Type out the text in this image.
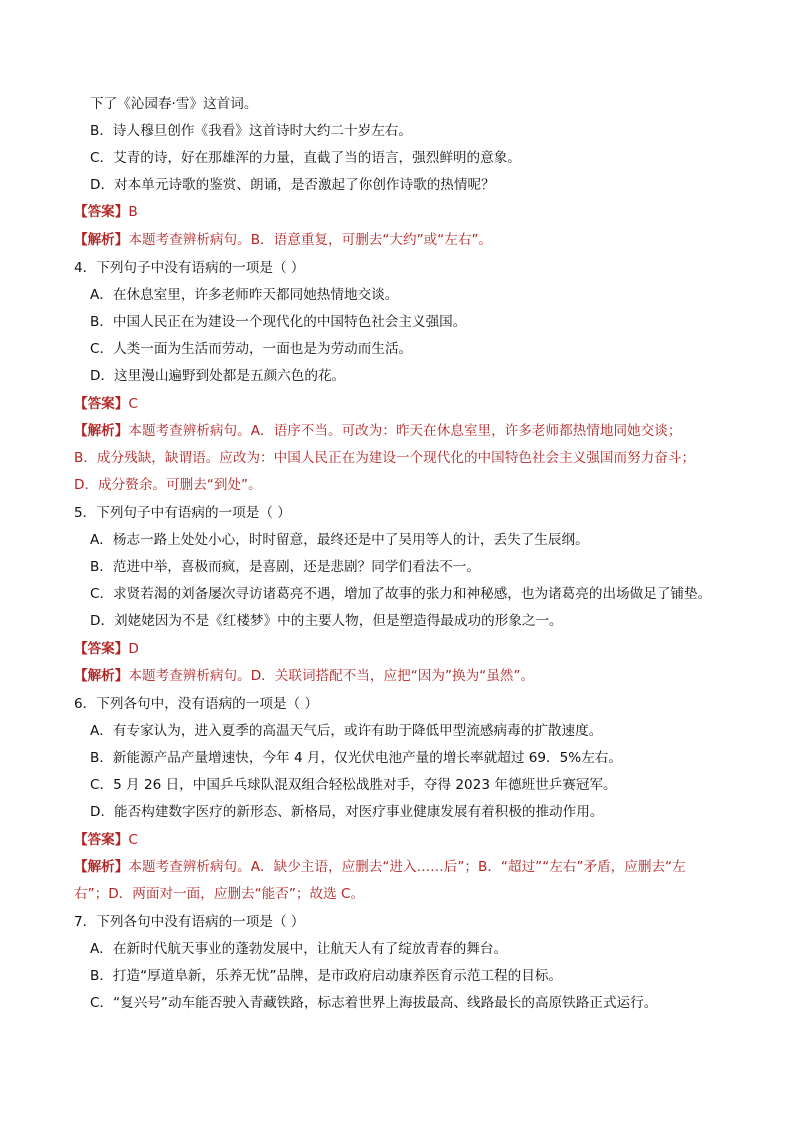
下了《沁园春·雪》这首词。
B．诗人穆旦创作《我看》这首诗时大约二十岁左右。
C．艾青的诗，好在那雄浑的力量，直截了当的语言，强烈鲜明的意象。
D．对本单元诗歌的鉴赏、朗诵，是否激起了你创作诗歌的热情呢？
【答案】B
【解析】本题考查辨析病句。B．语意重复，可删去“大约”或“左右”。
4．下列句子中没有语病的一项是（ ）
A．在休息室里，许多老师昨天都同她热情地交谈。
B．中国人民正在为建设一个现代化的中国特色社会主义强国。
C．人类一面为生活而劳动，一面也是为劳动而生活。
D．这里漫山遍野到处都是五颜六色的花。
【答案】C
【解析】本题考查辨析病句。A．语序不当。可改为：昨天在休息室里，许多老师都热情地同她交谈；
B．成分残缺，缺谓语。应改为：中国人民正在为建设一个现代化的中国特色社会主义强国而努力奋斗；
D．成分赘余。可删去“到处”。
5．下列句子中有语病的一项是（ ）
A．杨志一路上处处小心，时时留意，最终还是中了吴用等人的计，丢失了生辰纲。
B．范进中举，喜极而疯，是喜剧，还是悲剧？同学们看法不一。
C．求贤若渴的刘备屡次寻访诸葛亮不遇，增加了故事的张力和神秘感，也为诸葛亮的出场做足了铺垫。
D．刘姥姥因为不是《红楼梦》中的主要人物，但是塑造得最成功的形象之一。
【答案】D
【解析】本题考查辨析病句。D．关联词搭配不当，应把“因为”换为“虽然”。
6．下列各句中，没有语病的一项是（ ）
A．有专家认为，进入夏季的高温天气后，或许有助于降低甲型流感病毒的扩散速度。
B．新能源产品产量增速快，今年 4 月，仅光伏电池产量的增长率就超过 69．5%左右。
C．5 月 26 日，中国乒乓球队混双组合轻松战胜对手，夺得 2023 年德班世乒赛冠军。
D．能否构建数字医疗的新形态、新格局，对医疗事业健康发展有着积极的推动作用。
【答案】C
【解析】本题考查辨析病句。A．缺少主语，应删去“进入……后”；B．“超过”“左右”矛盾，应删去“左
右”；D．两面对一面，应删去“能否”；故选 C。
7．下列各句中没有语病的一项是（ ）
A．在新时代航天事业的蓬勃发展中，让航天人有了绽放青春的舞台。
B．打造“厚道阜新，乐养无忧”品牌，是市政府启动康养医育示范工程的目标。
C．“复兴号”动车能否驶入青藏铁路，标志着世界上海拔最高、线路最长的高原铁路正式运行。
